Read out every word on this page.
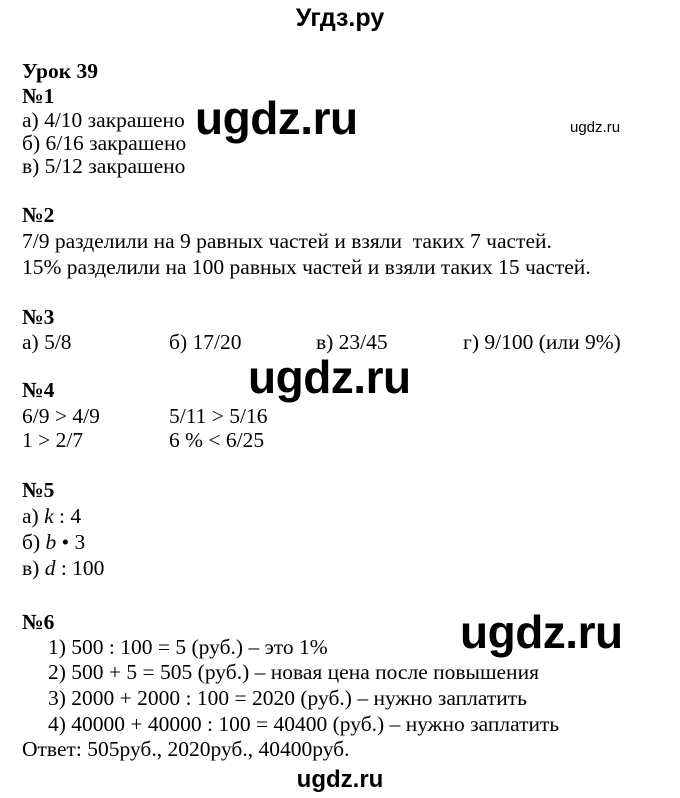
Угдз.ру
Урок 39
№1
а) 4/10 закрашено
б) 6/16 закрашено
в) 5/12 закрашено
№2
7/9 разделили на 9 равных частей и взяли  таких 7 частей.
15% разделили на 100 равных частей и взяли таких 15 частей.
№3
а) 5/8	б) 17/20	в) 23/45	г) 9/100 (или 9%)
№4
6/9 > 4/9	5/11 > 5/16
1 > 2/7	6 % < 6/25
№5
а) k : 4
б) b • 3
в) d : 100
№6
1) 500 : 100 = 5 (руб.) – это 1%
2) 500 + 5 = 505 (руб.) – новая цена после повышения
3) 2000 + 2000 : 100 = 2020 (руб.) – нужно заплатить
4) 40000 + 40000 : 100 = 40400 (руб.) – нужно заплатить
Ответ: 505руб., 2020руб., 40400руб.
ugdz.ru	ugdz.ru
ugdz.ru
ugdz.ru
ugdz.ru
